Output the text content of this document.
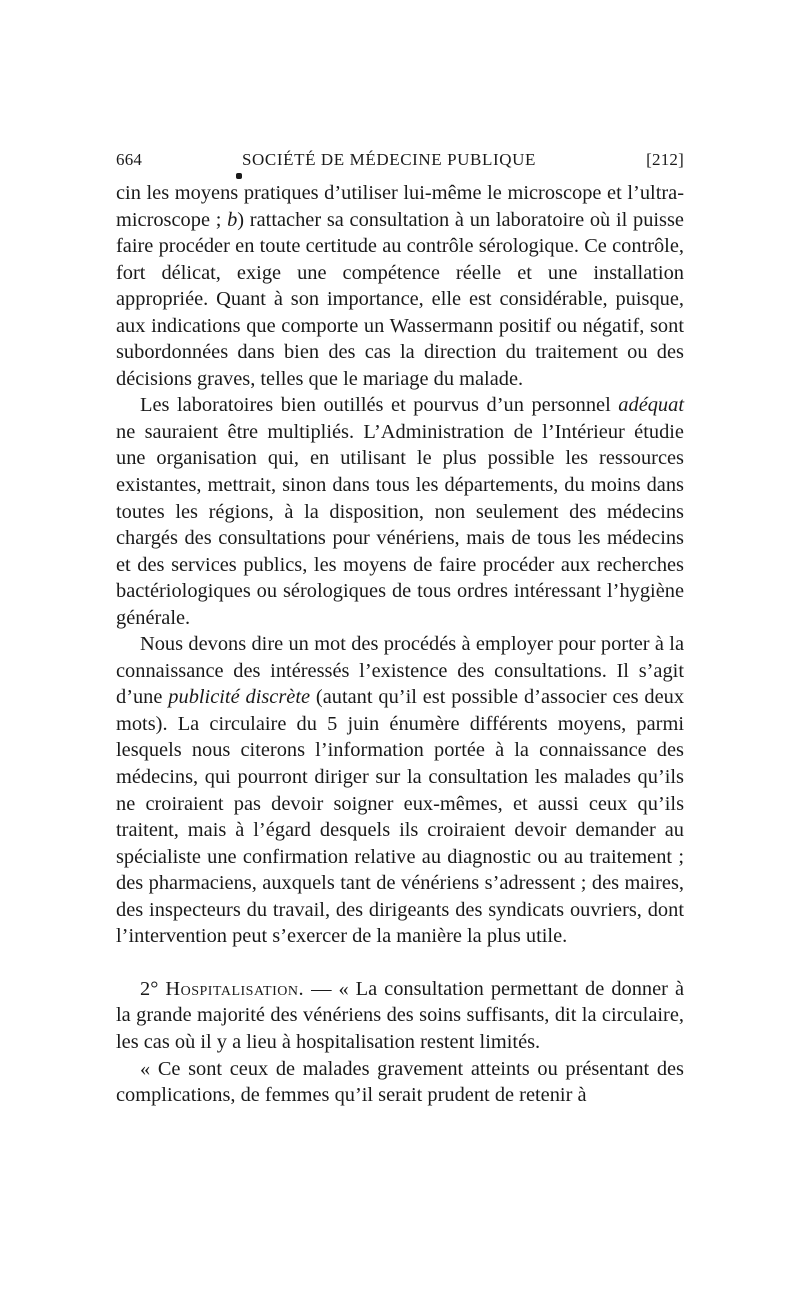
664	SOCIÉTÉ DE MÉDECINE PUBLIQUE	[212]

cin les moyens pratiques d’utiliser lui-même le microscope et l’ultra-microscope ; b) rattacher sa consultation à un laboratoire où il puisse faire procéder en toute certitude au contrôle sérologique. Ce contrôle, fort délicat, exige une compétence réelle et une installation appropriée. Quant à son importance, elle est considérable, puisque, aux indications que comporte un Wassermann positif ou négatif, sont subordonnées dans bien des cas la direction du traitement ou des décisions graves, telles que le mariage du malade.

Les laboratoires bien outillés et pourvus d’un personnel adéquat ne sauraient être multipliés. L’Administration de l’Intérieur étudie une organisation qui, en utilisant le plus possible les ressources existantes, mettrait, sinon dans tous les départements, du moins dans toutes les régions, à la disposition, non seulement des médecins chargés des consultations pour vénériens, mais de tous les médecins et des services publics, les moyens de faire procéder aux recherches bactériologiques ou sérologiques de tous ordres intéressant l’hygiène générale.

Nous devons dire un mot des procédés à employer pour porter à la connaissance des intéressés l’existence des consultations. Il s’agit d’une publicité discrète (autant qu’il est possible d’associer ces deux mots). La circulaire du 5 juin énumère différents moyens, parmi lesquels nous citerons l’information portée à la connaissance des médecins, qui pourront diriger sur la consultation les malades qu’ils ne croiraient pas devoir soigner eux-mêmes, et aussi ceux qu’ils traitent, mais à l’égard desquels ils croiraient devoir demander au spécialiste une confirmation relative au diagnostic ou au traitement ; des pharmaciens, auxquels tant de vénériens s’adressent ; des maires, des inspecteurs du travail, des dirigeants des syndicats ouvriers, dont l’intervention peut s’exercer de la manière la plus utile.

2° Hospitalisation. — « La consultation permettant de donner à la grande majorité des vénériens des soins suffisants, dit la circulaire, les cas où il y a lieu à hospitalisation restent limités.

« Ce sont ceux de malades gravement atteints ou présentant des complications, de femmes qu’il serait prudent de retenir à
